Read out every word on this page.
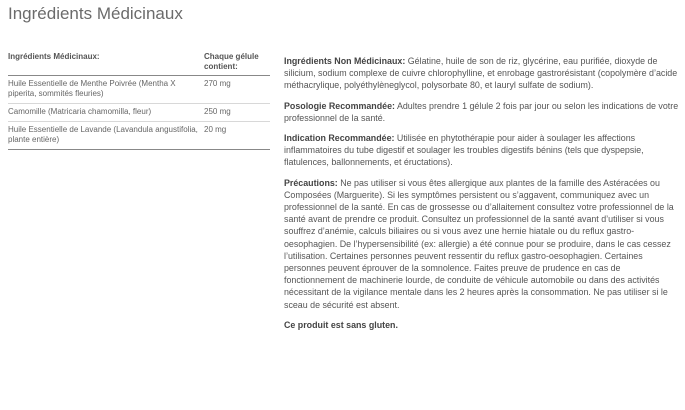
Ingrédients Médicinaux
Ingrédients Médicinaux:	Chaque gélule contient:
Huile Essentielle de Menthe Poivrée (Mentha X piperita, sommités fleuries)	270 mg
Camomille (Matricaria chamomilla, fleur)	250 mg
Huile Essentielle de Lavande (Lavandula angustifolia, plante entière)	20 mg

Ingrédients Non Médicinaux: Gélatine, huile de son de riz, glycérine, eau purifiée, dioxyde de silicium, sodium complexe de cuivre chlorophylline, et enrobage gastrorésistant (copolymère d’acide méthacrylique, polyéthylèneglycol, polysorbate 80, et lauryl sulfate de sodium).

Posologie Recommandée: Adultes prendre 1 gélule 2 fois par jour ou selon les indications de votre professionnel de la santé.

Indication Recommandée: Utilisée en phytothérapie pour aider à soulager les affections inflammatoires du tube digestif et soulager les troubles digestifs bénins (tels que dyspepsie, flatulences, ballonnements, et éructations).

Précautions: Ne pas utiliser si vous êtes allergique aux plantes de la famille des Astéracées ou Composées (Marguerite). Si les symptômes persistent ou s’aggavent, communiquez avec un professionnel de la santé. En cas de grossesse ou d’allaitement consultez votre professionnel de la santé avant de prendre ce produit. Consultez un professionnel de la santé avant d’utiliser si vous souffrez d’anémie, calculs biliaires ou si vous avez une hernie hiatale ou du reflux gastro-oesophagien. De l’hypersensibilité (ex: allergie) a été connue pour se produire, dans le cas cessez l’utilisation. Certaines personnes peuvent ressentir du reflux gastro-oesophagien. Certaines personnes peuvent éprouver de la somnolence. Faites preuve de prudence en cas de fonctionnement de machinerie lourde, de conduite de véhicule automobile ou dans des activités nécessitant de la vigilance mentale dans les 2 heures après la consommation. Ne pas utiliser si le sceau de sécurité est absent.

Ce produit est sans gluten.
